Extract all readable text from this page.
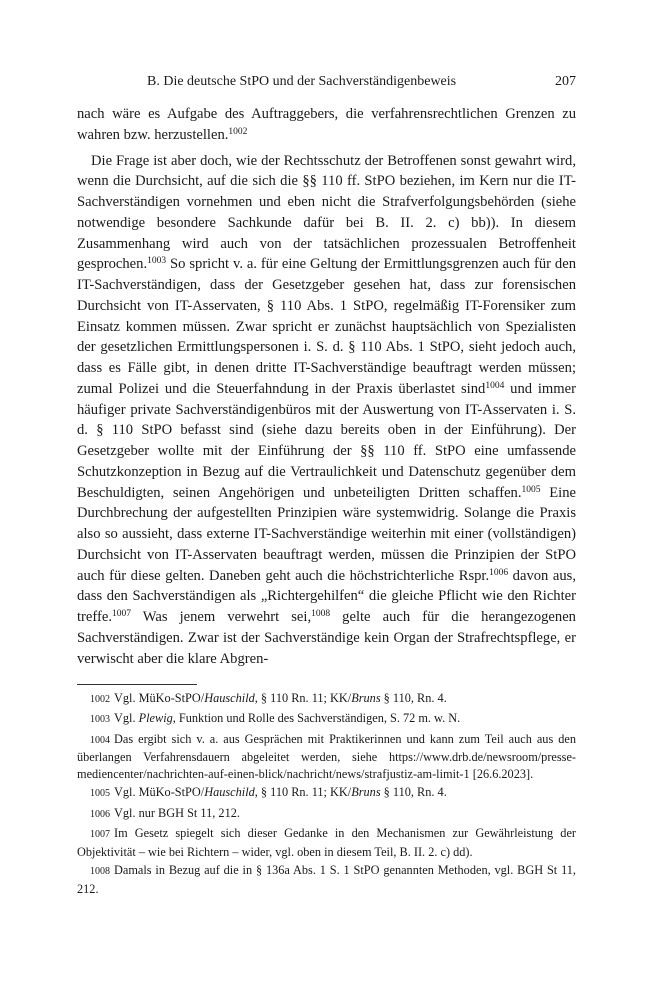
B. Die deutsche StPO und der Sachverständigenbeweis	207

nach wäre es Aufgabe des Auftraggebers, die verfahrensrechtlichen Grenzen zu wahren bzw. herzustellen.$^{1002}$

Die Frage ist aber doch, wie der Rechtsschutz der Betroffenen sonst gewahrt wird, wenn die Durchsicht, auf die sich die §§ 110 ff. StPO beziehen, im Kern nur die IT-Sachverständigen vornehmen und eben nicht die Strafverfolgungsbehörden (siehe notwendige besondere Sachkunde dafür bei B. II. 2. c) bb)). In diesem Zusammenhang wird auch von der tatsächlichen prozessualen Betroffenheit gesprochen.$^{1003}$ So spricht v. a. für eine Geltung der Ermittlungsgrenzen auch für den IT-Sachverständigen, dass der Gesetzgeber gesehen hat, dass zur forensischen Durchsicht von IT-Asservaten, § 110 Abs. 1 StPO, regelmäßig IT-Forensiker zum Einsatz kommen müssen. Zwar spricht er zunächst hauptsächlich von Spezialisten der gesetzlichen Ermittlungspersonen i. S. d. § 110 Abs. 1 StPO, sieht jedoch auch, dass es Fälle gibt, in denen dritte IT-Sachverständige beauftragt werden müssen; zumal Polizei und die Steuerfahndung in der Praxis überlastet sind$^{1004}$ und immer häufiger private Sachverständigenbüros mit der Auswertung von IT-Asservaten i. S. d. § 110 StPO befasst sind (siehe dazu bereits oben in der Einführung). Der Gesetzgeber wollte mit der Einführung der §§ 110 ff. StPO eine umfassende Schutzkonzeption in Bezug auf die Vertraulichkeit und Datenschutz gegenüber dem Beschuldigten, seinen Angehörigen und unbeteiligten Dritten schaffen.$^{1005}$ Eine Durchbrechung der aufgestellten Prinzipien wäre systemwidrig. Solange die Praxis also so aussieht, dass externe IT-Sachverständige weiterhin mit einer (vollständigen) Durchsicht von IT-Asservaten beauftragt werden, müssen die Prinzipien der StPO auch für diese gelten. Daneben geht auch die höchstrichterliche Rspr.$^{1006}$ davon aus, dass den Sachverständigen als „Richtergehilfen“ die gleiche Pflicht wie den Richter treffe.$^{1007}$ Was jenem verwehrt sei,$^{1008}$ gelte auch für die herangezogenen Sachverständigen. Zwar ist der Sachverständige kein Organ der Strafrechtspflege, er verwischt aber die klare Abgren-

1002 Vgl. MüKo-StPO/Hauschild, § 110 Rn. 11; KK/Bruns § 110, Rn. 4.

1003 Vgl. Plewig, Funktion und Rolle des Sachverständigen, S. 72 m. w. N.

1004 Das ergibt sich v. a. aus Gesprächen mit Praktikerinnen und kann zum Teil auch aus den überlangen Verfahrensdauern abgeleitet werden, siehe https://www.drb.de/newsroom/presse-mediencenter/nachrichten-auf-einen-blick/nachricht/news/strafjustiz-am-limit-1 [26.6.2023].

1005 Vgl. MüKo-StPO/Hauschild, § 110 Rn. 11; KK/Bruns § 110, Rn. 4.

1006 Vgl. nur BGH St 11, 212.

1007 Im Gesetz spiegelt sich dieser Gedanke in den Mechanismen zur Gewährleistung der Objektivität – wie bei Richtern – wider, vgl. oben in diesem Teil, B. II. 2. c) dd).

1008 Damals in Bezug auf die in § 136a Abs. 1 S. 1 StPO genannten Methoden, vgl. BGH St 11, 212.
